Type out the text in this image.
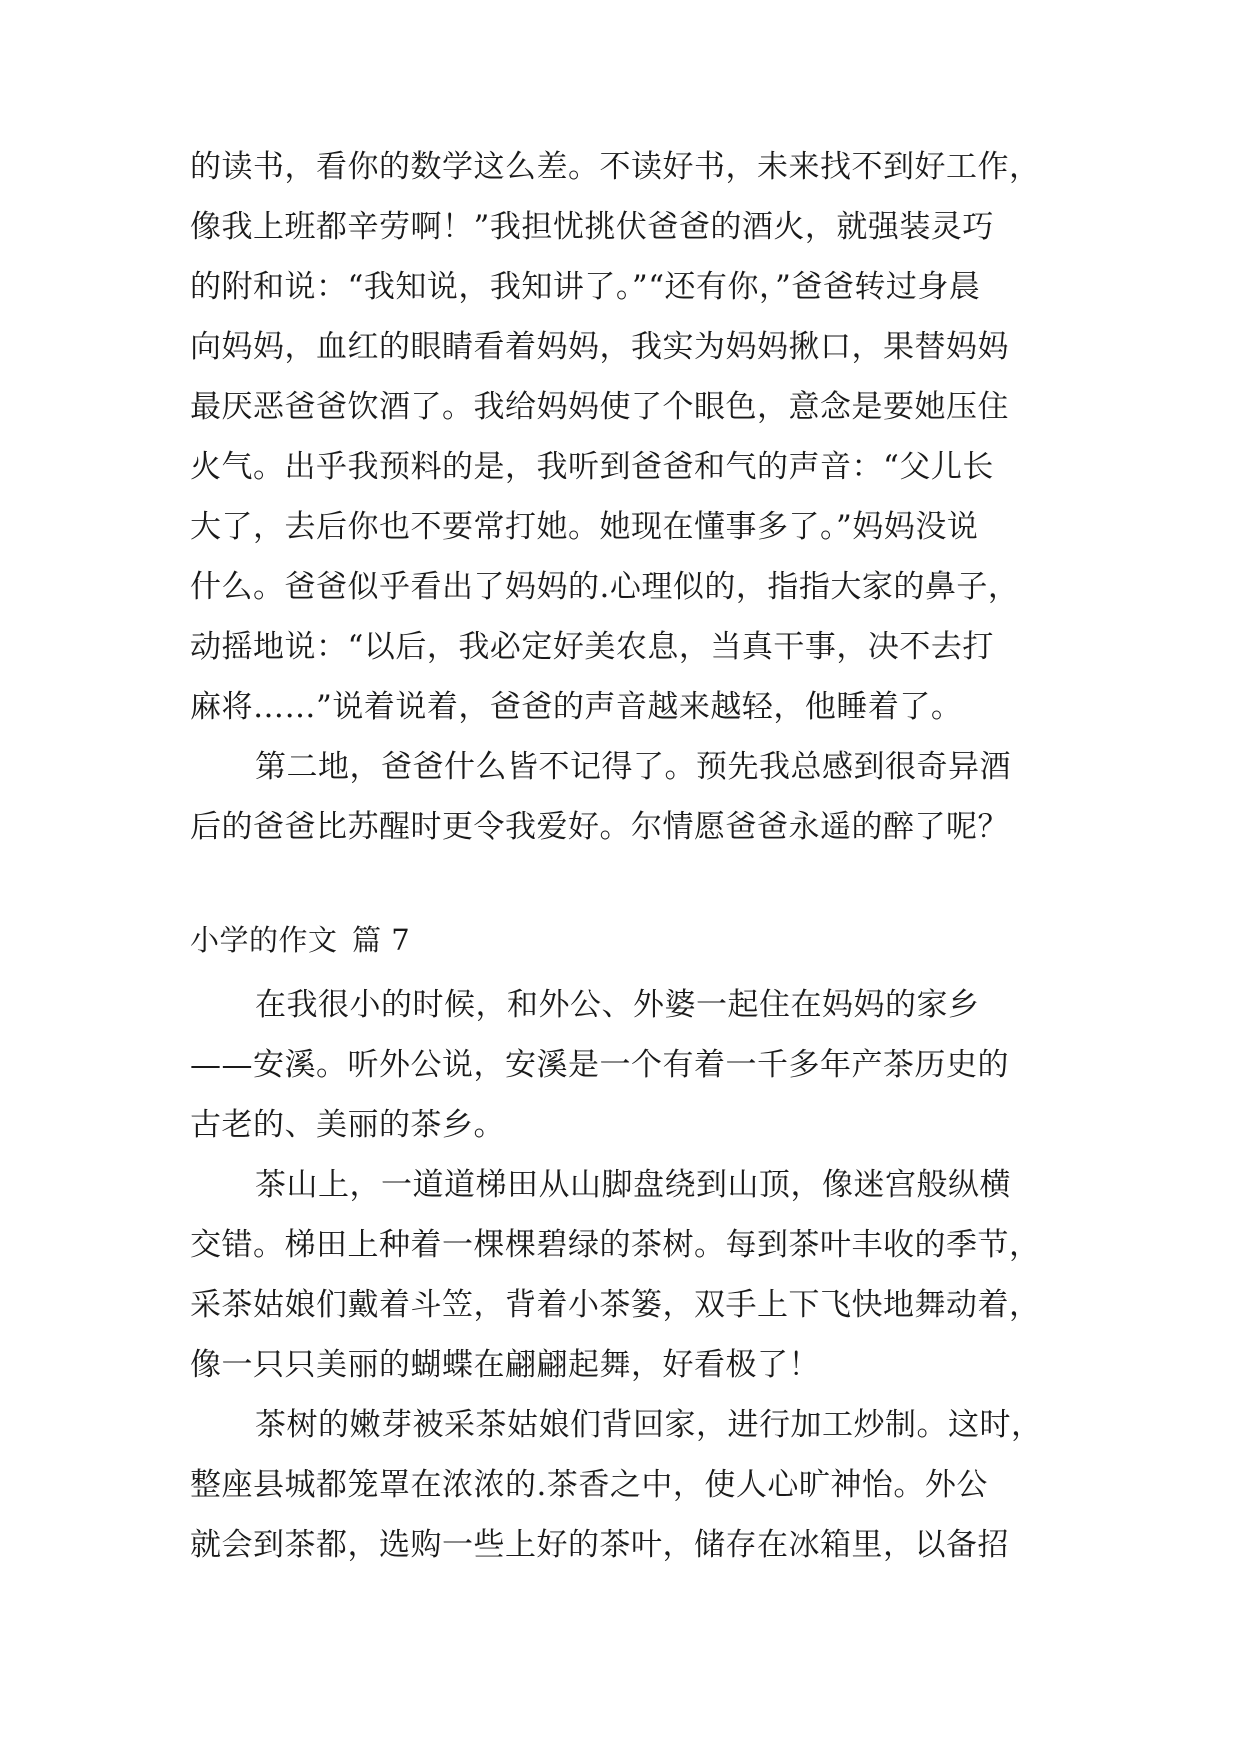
的读书，看你的数学这么差。不读好书，未来找不到好工作，
像我上班都辛劳啊！”我担忧挑伏爸爸的酒火，就强装灵巧
的附和说：“我知说，我知讲了。”“还有你，”爸爸转过身晨
向妈妈，血红的眼睛看着妈妈，我实为妈妈揪口，果替妈妈
最厌恶爸爸饮酒了。我给妈妈使了个眼色，意念是要她压住
火气。出乎我预料的是，我听到爸爸和气的声音：“父儿长
大了，去后你也不要常打她。她现在懂事多了。”妈妈没说
什么。爸爸似乎看出了妈妈的.心理似的，指指大家的鼻子，
动摇地说：“以后，我必定好美农息，当真干事，决不去打
麻将……”说着说着，爸爸的声音越来越轻，他睡着了。
第二地，爸爸什么皆不记得了。预先我总感到很奇异酒
后的爸爸比苏醒时更令我爱好。尔情愿爸爸永遥的醉了呢？
小学的作文 篇 7
在我很小的时候，和外公、外婆一起住在妈妈的家乡
——安溪。听外公说，安溪是一个有着一千多年产茶历史的
古老的、美丽的茶乡。
茶山上，一道道梯田从山脚盘绕到山顶，像迷宫般纵横
交错。梯田上种着一棵棵碧绿的茶树。每到茶叶丰收的季节，
采茶姑娘们戴着斗笠，背着小茶篓，双手上下飞快地舞动着，
像一只只美丽的蝴蝶在翩翩起舞，好看极了！
茶树的嫩芽被采茶姑娘们背回家，进行加工炒制。这时，
整座县城都笼罩在浓浓的.茶香之中，使人心旷神怡。外公
就会到茶都，选购一些上好的茶叶，储存在冰箱里，以备招
